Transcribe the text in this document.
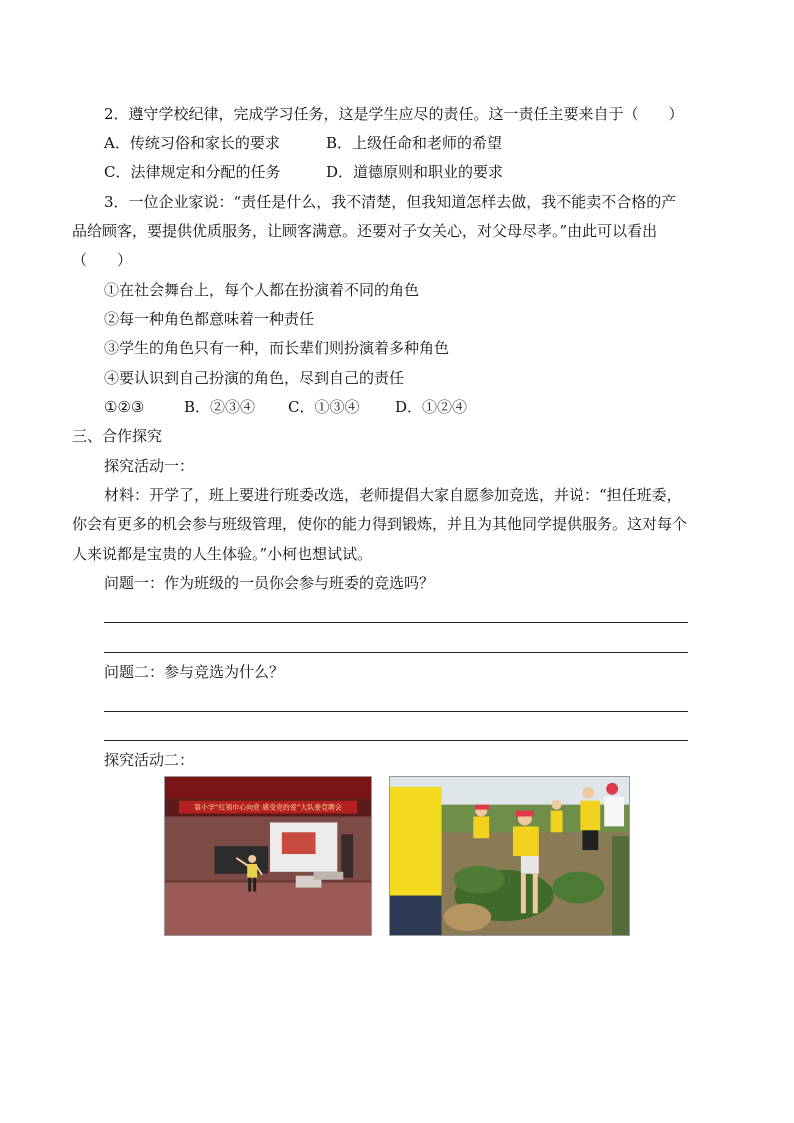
2．遵守学校纪律，完成学习任务，这是学生应尽的责任。这一责任主要来自于（　　）
A．传统习俗和家长的要求	B．上级任命和老师的希望
C．法律规定和分配的任务	D．道德原则和职业的要求
3．一位企业家说：“责任是什么，我不清楚，但我知道怎样去做，我不能卖不合格的产
品给顾客，要提供优质服务，让顾客满意。还要对子女关心，对父母尽孝。”由此可以看出
（　　）
①在社会舞台上，每个人都在扮演着不同的角色
②每一种角色都意味着一种责任
③学生的角色只有一种，而长辈们则扮演着多种角色
④要认识到自己扮演的角色，尽到自己的责任
①②③	B．②③④ C．①③④ D．①②④
三、合作探究
探究活动一：
材料：开学了，班上要进行班委改选，老师提倡大家自愿参加竞选，并说：“担任班委，
你会有更多的机会参与班级管理，使你的能力得到锻炼，并且为其他同学提供服务。这对每个
人来说都是宝贵的人生体验。”小柯也想试试。
问题一：作为班级的一员你会参与班委的竞选吗？
问题二：参与竞选为什么？
探究活动二：
第小学“红领巾心向党 感受党的爱”大队委竞聘会
